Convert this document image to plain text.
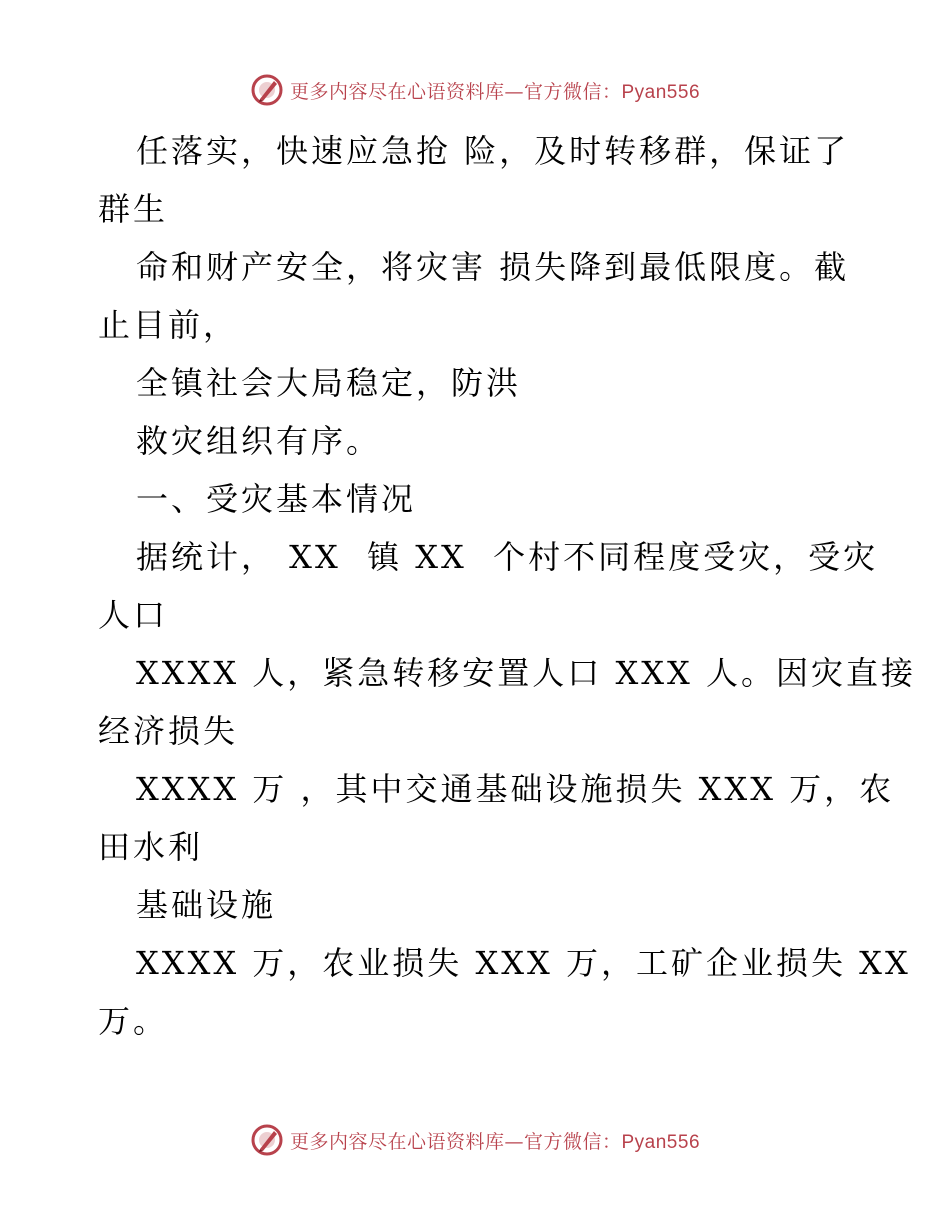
更多内容尽在心语资料库—官方微信：Pyan556

任落实，快速应急抢 险，及时转移群，保证了

群生

命和财产安全，将灾害 损失降到最低限度。截

止目前，

全镇社会大局稳定，防洪

救灾组织有序。

一、受灾基本情况

据统计， XX  镇 XX  个村不同程度受灾，受灾

人口

XXXX 人，紧急转移安置人口 XXX 人。因灾直接

经济损失

XXXX 万 ，其中交通基础设施损失 XXX 万，农

田水利

基础设施

XXXX 万，农业损失 XXX 万，工矿企业损失 XX

万。

更多内容尽在心语资料库—官方微信：Pyan556
